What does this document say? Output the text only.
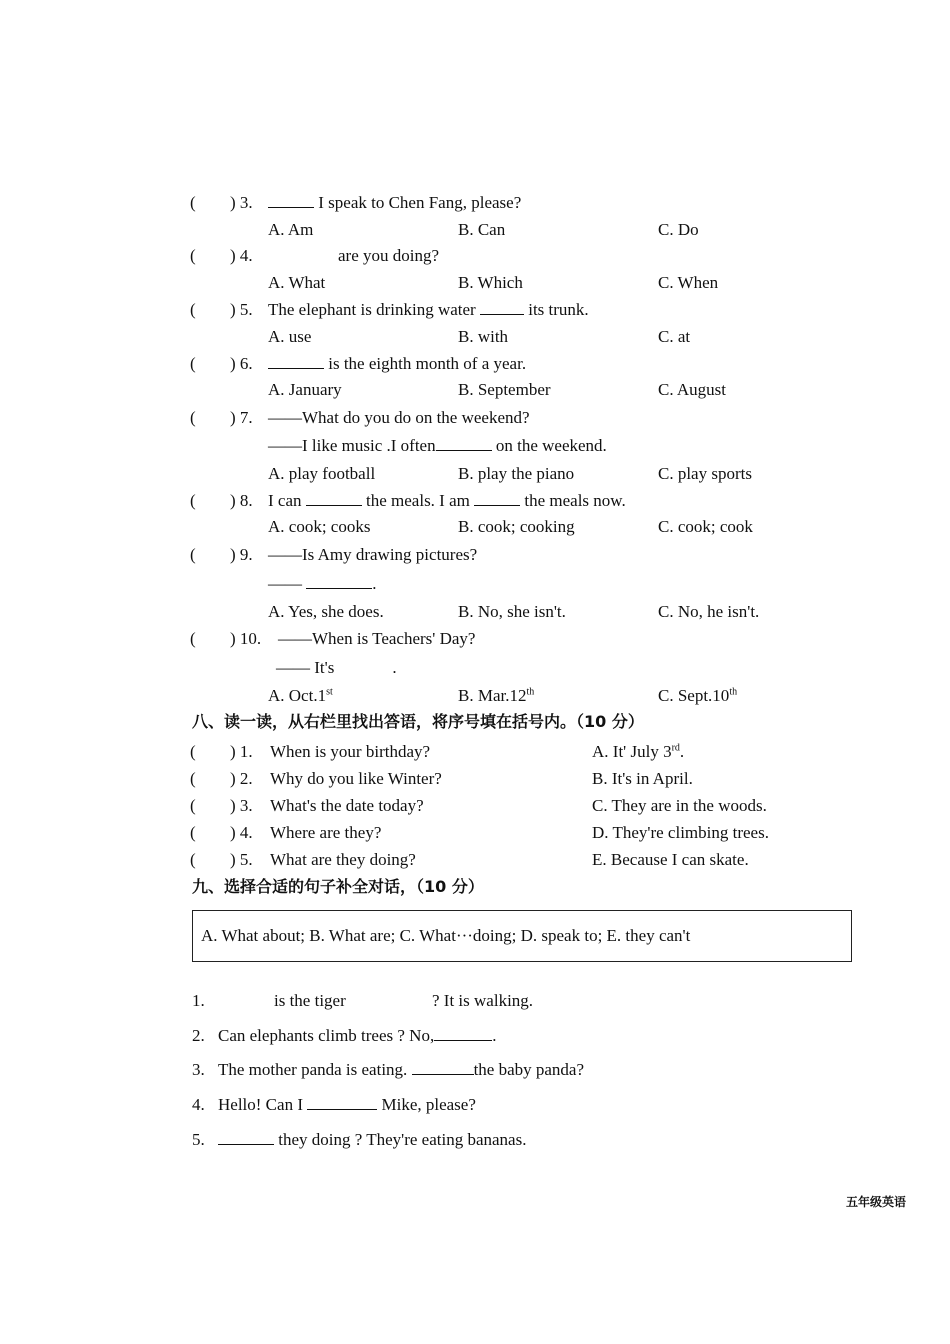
( ) 3.	I speak to Chen Fang, please?
A. Am	B. Can	C. Do
( ) 4.	are you doing?
A. What	B. Which	C. When
( ) 5. The elephant is drinking water	its trunk.
A. use	B. with	C. at
( ) 6.	is the eighth month of a year.
A. January	B. September	C. August
( ) 7. ——What do you do on the weekend?
——I like music .I often	on the weekend.
A. play football	B. play the piano	C. play sports
( ) 8. I can	the meals. I am	the meals now.
A. cook; cooks	B. cook; cooking	C. cook; cook
( ) 9. ——Is Amy drawing pictures?
——	.
A. Yes, she does.	B. No, she isn't.	C. No, he isn't.
( ) 10. ——When is Teachers' Day?
—— It's	.
A. Oct.1st	B. Mar.12th	C. Sept.10th
八、读一读，从右栏里找出答语，将序号填在括号内。（10 分）
( ) 1. When is your birthday?	A. It' July 3rd.
( ) 2. Why do you like Winter?	B. It's in April.
( ) 3. What's the date today?	C. They are in the woods.
( ) 4. Where are they?	D. They're climbing trees.
( ) 5. What are they doing?	E. Because I can skate.
九、选择合适的句子补全对话，（10 分）
A. What about; B. What are; C. What···doing; D. speak to; E. they can't
1.	is the tiger	? It is walking.
2. Can elephants climb trees ? No,	.
3. The mother panda is eating.	the baby panda?
4. Hello! Can I	Mike, please?
5.	they doing ? They're eating bananas.
五年级英语
